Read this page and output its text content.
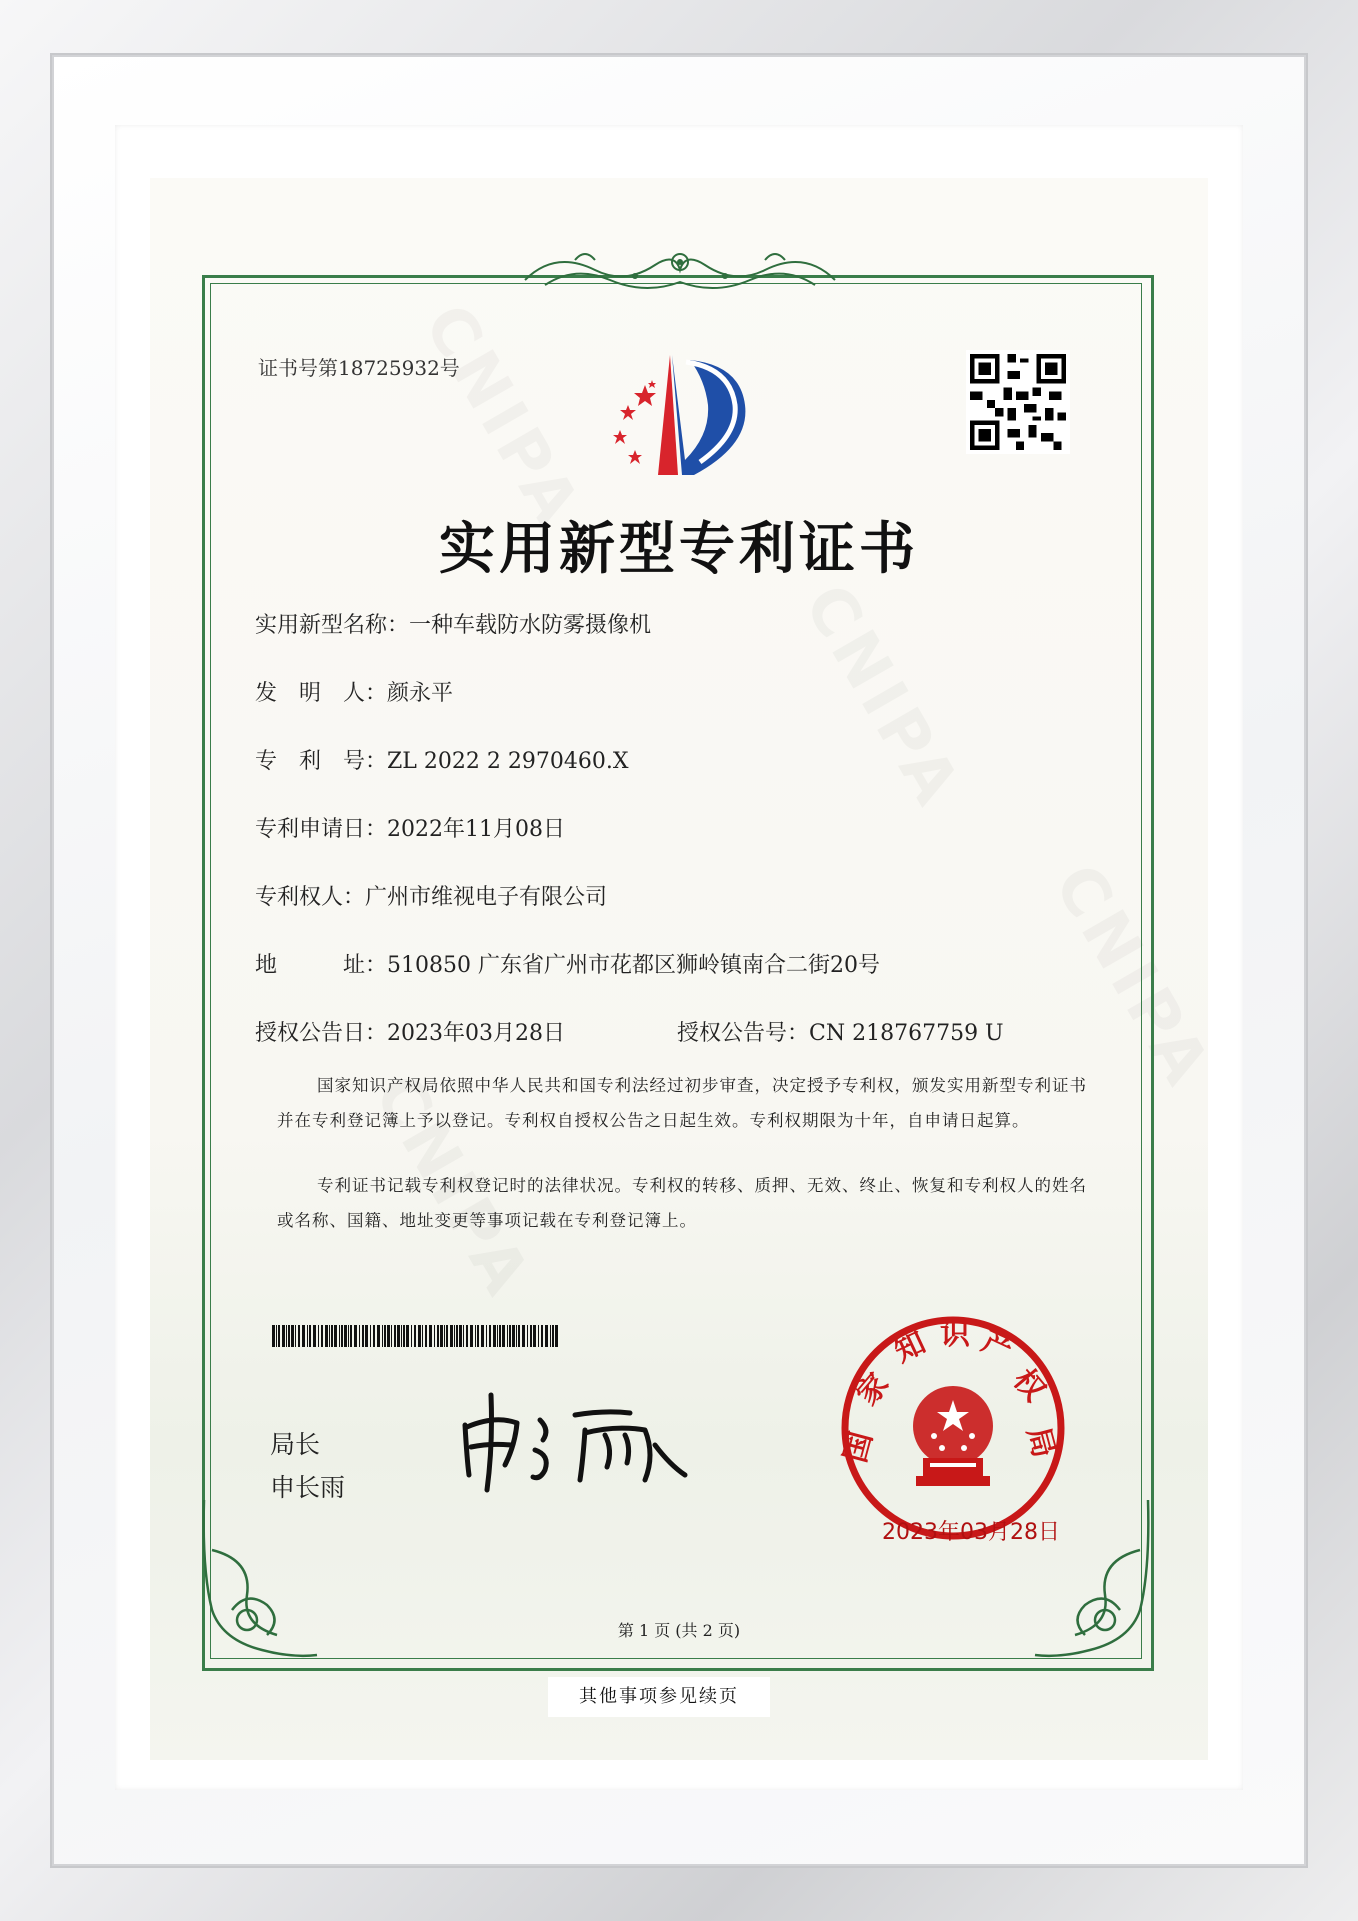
证书号第18725932号
实用新型专利证书
实用新型名称：一种车载防水防雾摄像机
发　明　人：颜永平
专　利　号：ZL 2022 2 2970460.X
专利申请日：2022年11月08日
专利权人：广州市维视电子有限公司
地　　　址：510850 广东省广州市花都区狮岭镇南合二街20号
授权公告日：2023年03月28日	授权公告号：CN 218767759 U
国家知识产权局依照中华人民共和国专利法经过初步审查，决定授予专利权，颁发实用新型专利证书并在专利登记簿上予以登记。专利权自授权公告之日起生效。专利权期限为十年，自申请日起算。
专利证书记载专利权登记时的法律状况。专利权的转移、质押、无效、终止、恢复和专利权人的姓名或名称、国籍、地址变更等事项记载在专利登记簿上。
局长
申长雨
国
家
知 识 产
权
局
2023年03月28日
第 1 页 (共 2 页)
其他事项参见续页
